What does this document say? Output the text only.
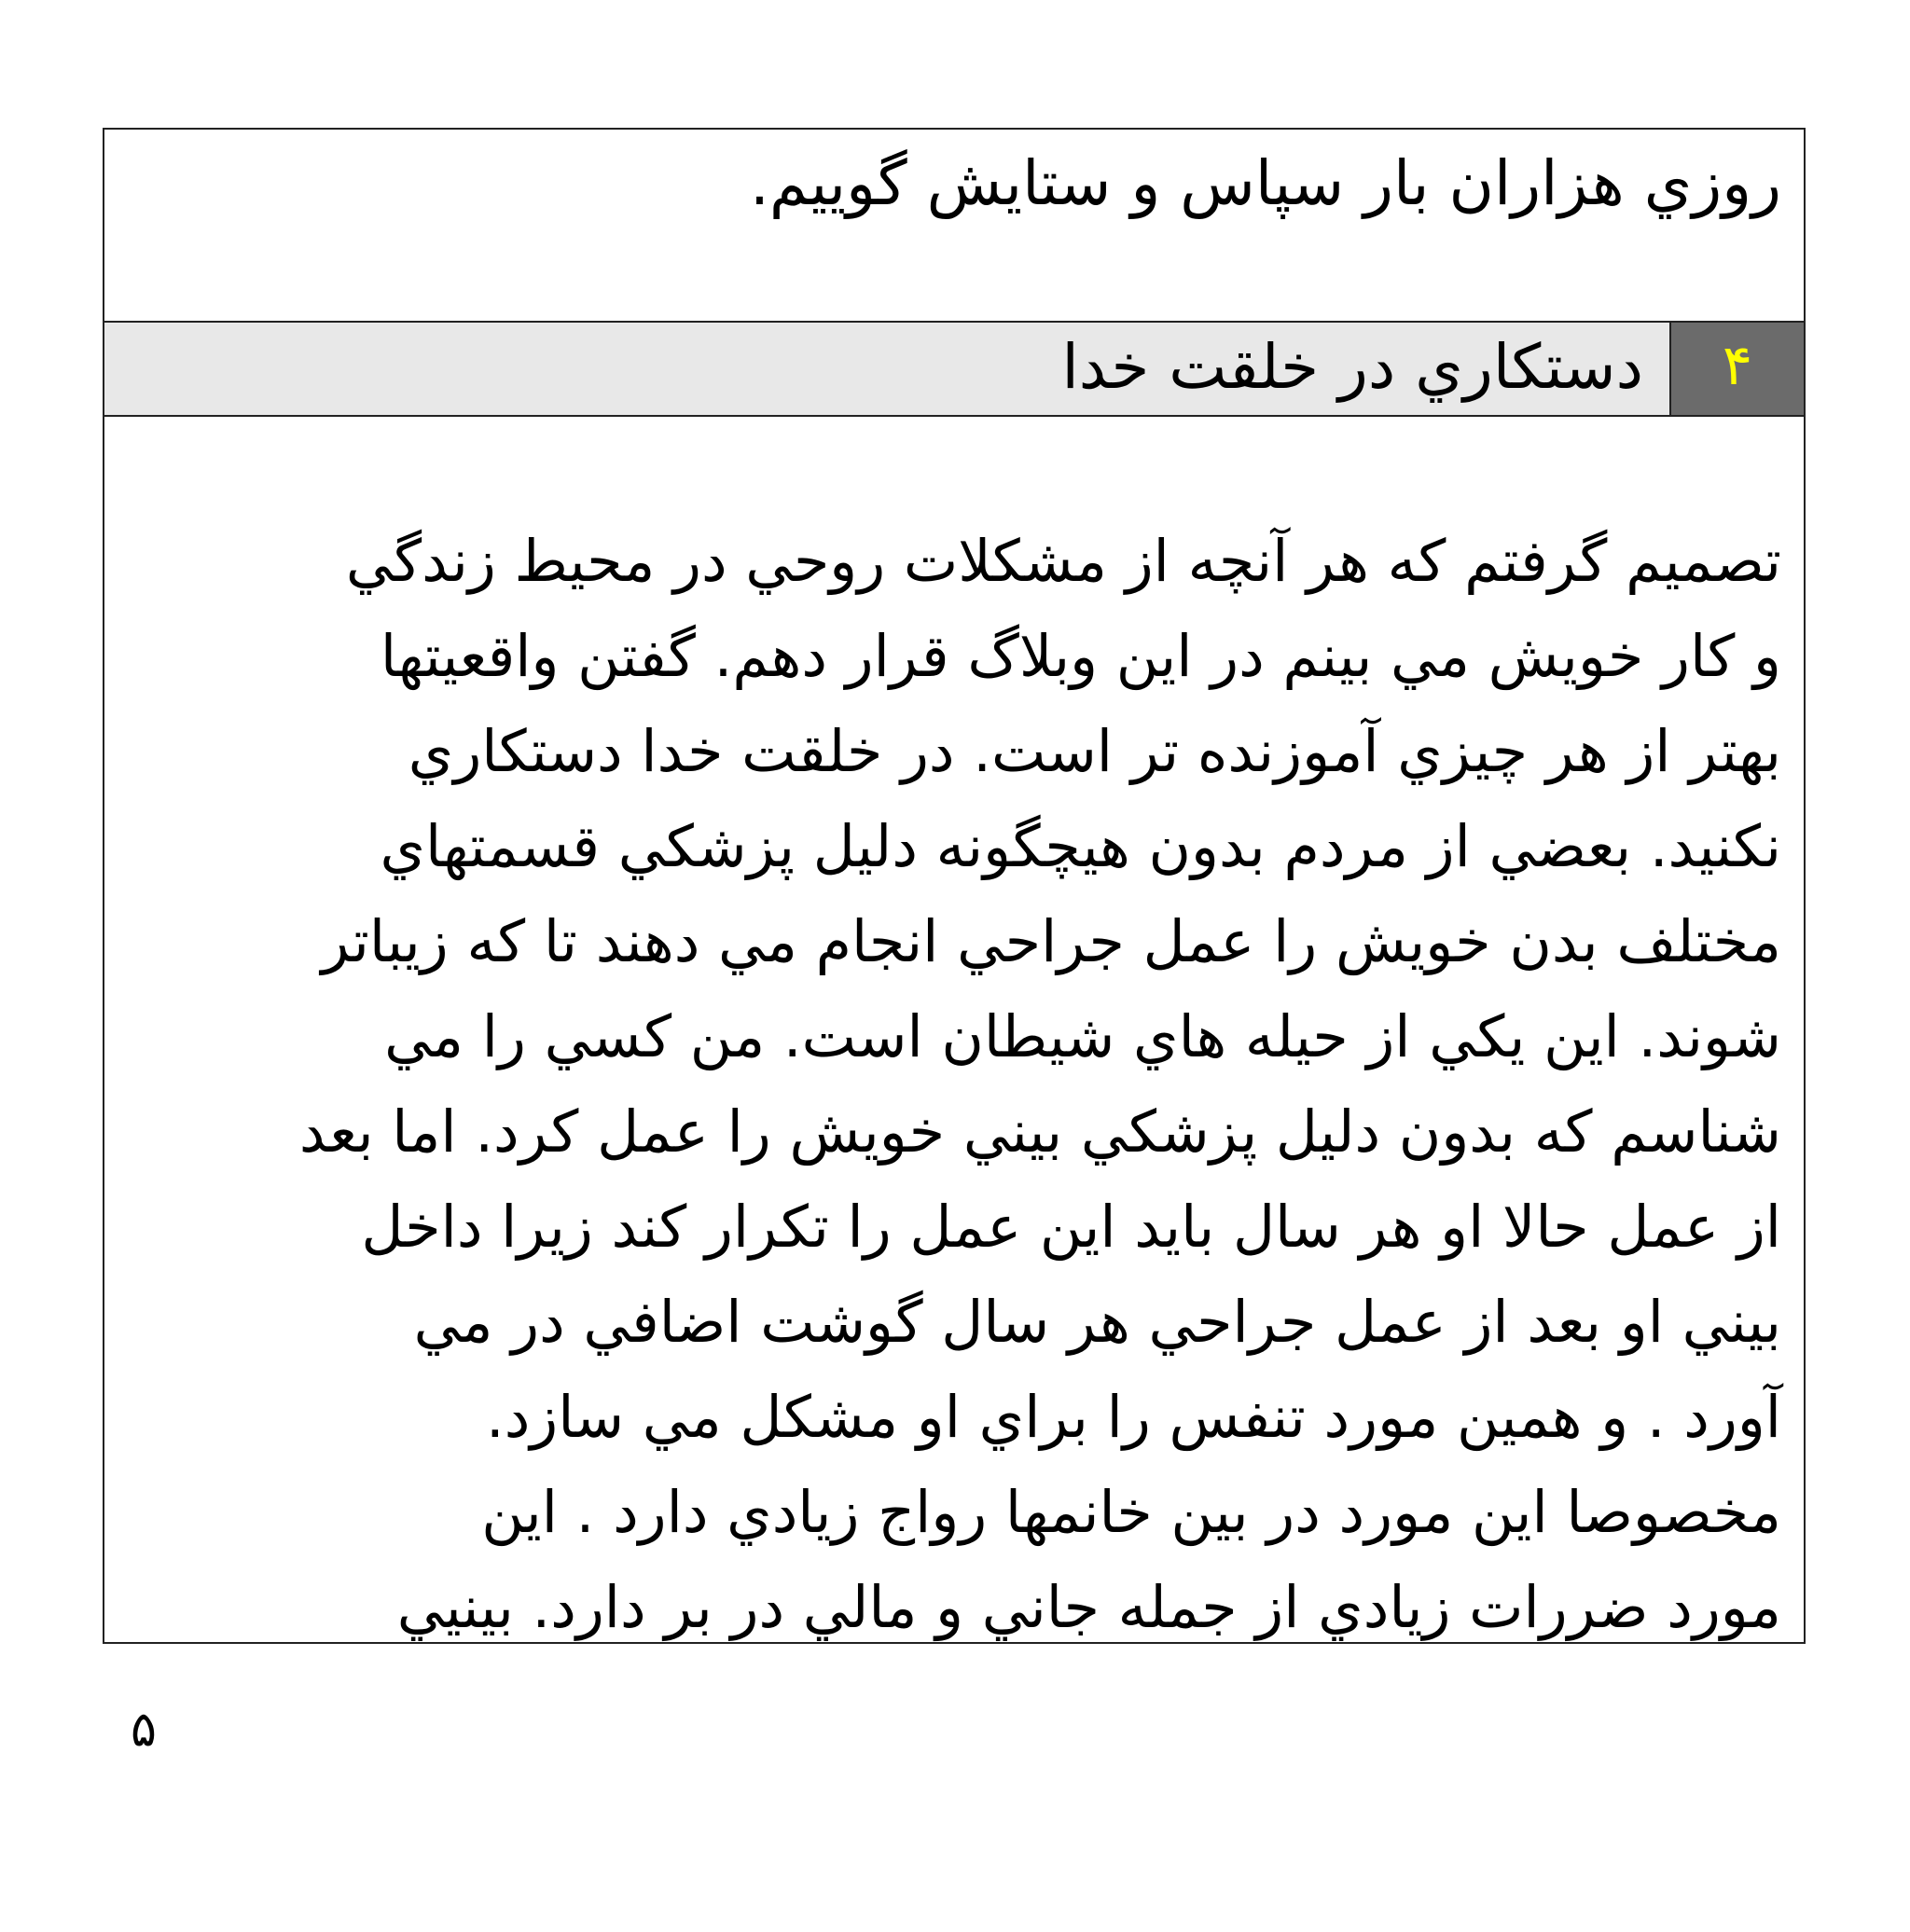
روزي هزاران بار سپاس و ستايش گوييم.
۴
دستكاري در خلقت خدا
تصميم گرفتم كه هر آنچه از مشكلات روحي در محيط زندگي
و كار خويش مي بينم در اين وبلاگ قرار دهم. گفتن واقعيتها
بهتر از هر چيزي آموزنده تر است. در خلقت خدا دستكاري
نكنيد. بعضي از مردم بدون هيچگونه دليل پزشكي قسمتهاي
مختلف بدن خويش را عمل جراحي انجام مي دهند تا كه زيباتر
شوند. اين يكي از حيله هاي شيطان است. من كسي را مي
شناسم كه بدون دليل پزشكي بيني خويش را عمل كرد. اما بعد
از عمل حالا او هر سال بايد اين عمل را تكرار كند زيرا داخل
بيني او بعد از عمل جراحي هر سال گوشت اضافي در مي
آورد . و همين مورد تنفس را براي او مشكل مي سازد.
مخصوصا اين مورد در بين خانمها رواج زيادي دارد . اين
مورد ضررات زيادي از جمله جاني و مالي در بر دارد. بينيي
۵
